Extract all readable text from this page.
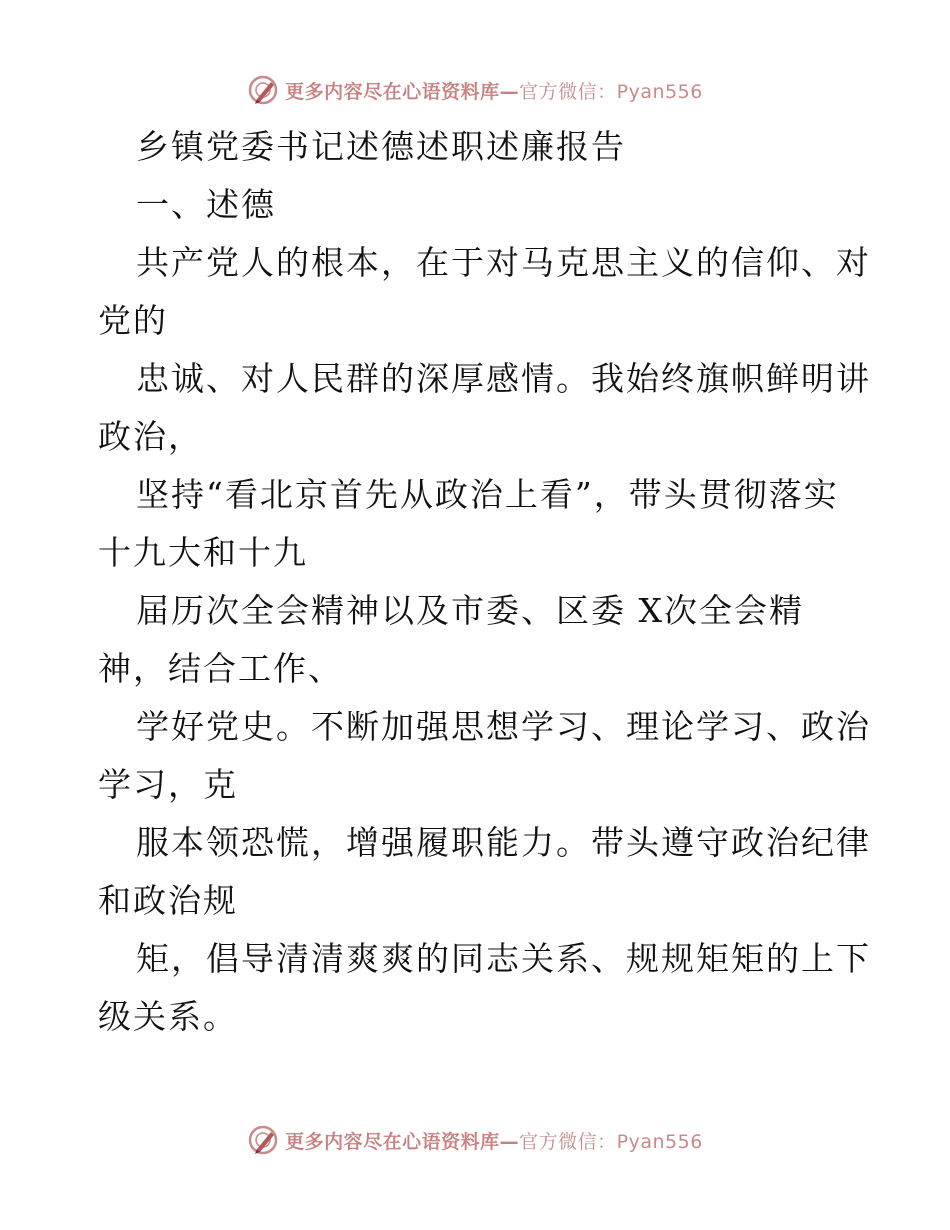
更多内容尽在心语资料库—官方微信：Pyan556
乡镇党委书记述德述职述廉报告
一、述德
共产党人的根本，在于对马克思主义的信仰、对
党的
忠诚、对人民群的深厚感情。我始终旗帜鲜明讲
政治，
坚持“看北京首先从政治上看”，带头贯彻落实
十九大和十九
届历次全会精神以及市委、区委 X次全会精
神，结合工作、
学好党史。不断加强思想学习、理论学习、政治
学习，克
服本领恐慌，增强履职能力。带头遵守政治纪律
和政治规
矩，倡导清清爽爽的同志关系、规规矩矩的上下
级关系。
更多内容尽在心语资料库—官方微信：Pyan556
